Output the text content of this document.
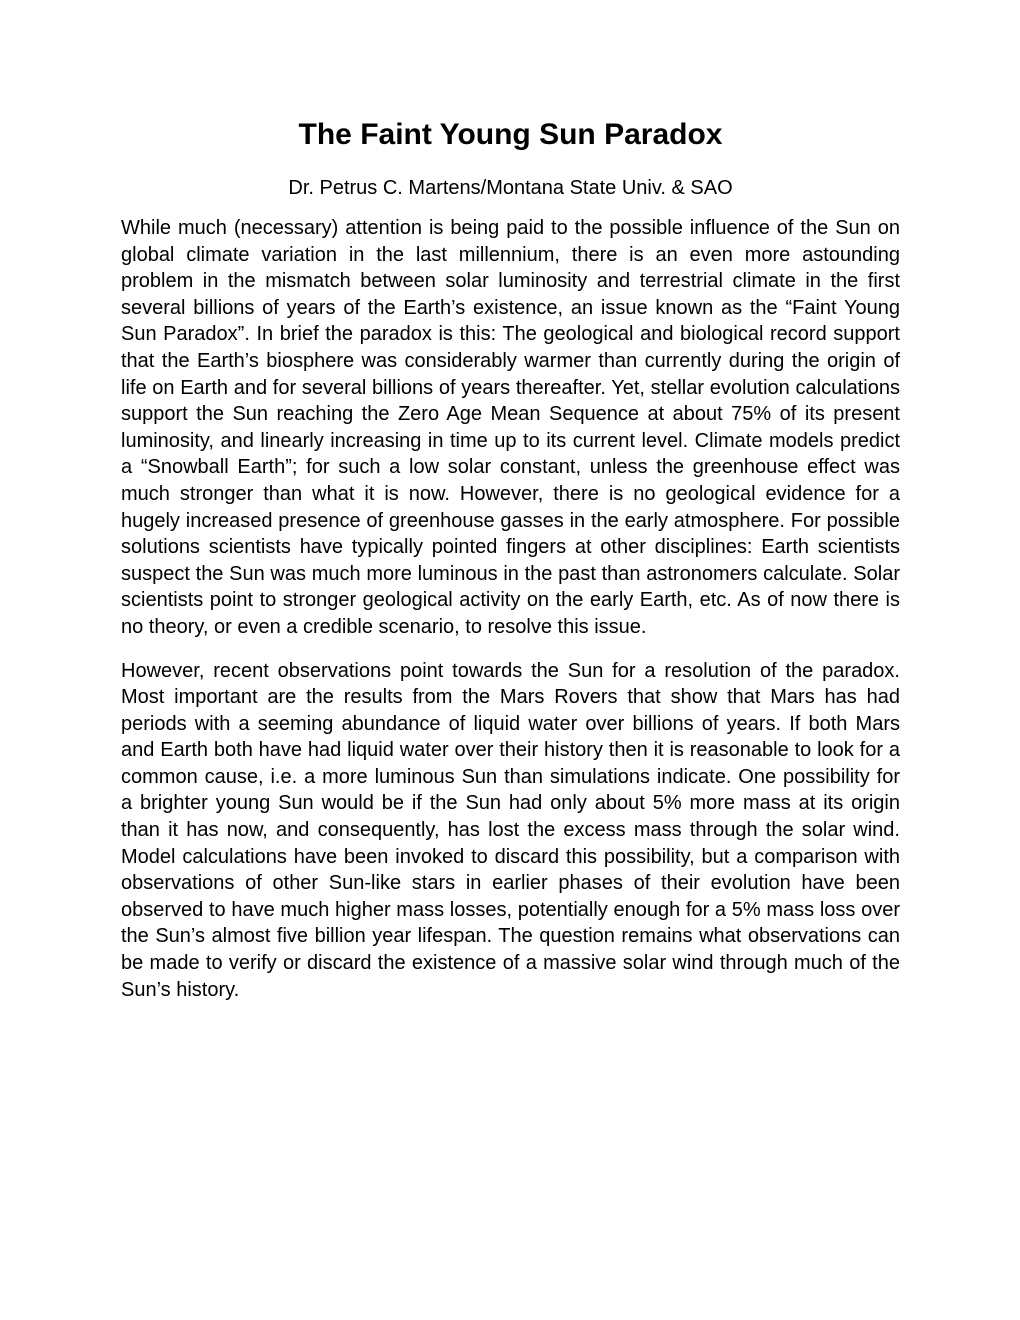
The Faint Young Sun Paradox
Dr. Petrus C. Martens/Montana State Univ. & SAO

While much (necessary) attention is being paid to the possible influence of the Sun on global climate variation in the last millennium, there is an even more astounding problem in the mismatch between solar luminosity and terrestrial climate in the first several billions of years of the Earth’s existence, an issue known as the “Faint Young Sun Paradox”. In brief the paradox is this: The geological and biological record support that the Earth’s biosphere was considerably warmer than currently during the origin of life on Earth and for several billions of years thereafter. Yet, stellar evolution calculations support the Sun reaching the Zero Age Mean Sequence at about 75% of its present luminosity, and linearly increasing in time up to its current level. Climate models predict a “Snowball Earth”; for such a low solar constant, unless the greenhouse effect was much stronger than what it is now. However, there is no geological evidence for a hugely increased presence of greenhouse gasses in the early atmosphere. For possible solutions scientists have typically pointed fingers at other disciplines: Earth scientists suspect the Sun was much more luminous in the past than astronomers calculate. Solar scientists point to stronger geological activity on the early Earth, etc. As of now there is no theory, or even a credible scenario, to resolve this issue.

However, recent observations point towards the Sun for a resolution of the paradox. Most important are the results from the Mars Rovers that show that Mars has had periods with a seeming abundance of liquid water over billions of years. If both Mars and Earth both have had liquid water over their history then it is reasonable to look for a common cause, i.e. a more luminous Sun than simulations indicate. One possibility for a brighter young Sun would be if the Sun had only about 5% more mass at its origin than it has now, and consequently, has lost the excess mass through the solar wind. Model calculations have been invoked to discard this possibility, but a comparison with observations of other Sun-like stars in earlier phases of their evolution have been observed to have much higher mass losses, potentially enough for a 5% mass loss over the Sun’s almost five billion year lifespan. The question remains what observations can be made to verify or discard the existence of a massive solar wind through much of the Sun’s history.
